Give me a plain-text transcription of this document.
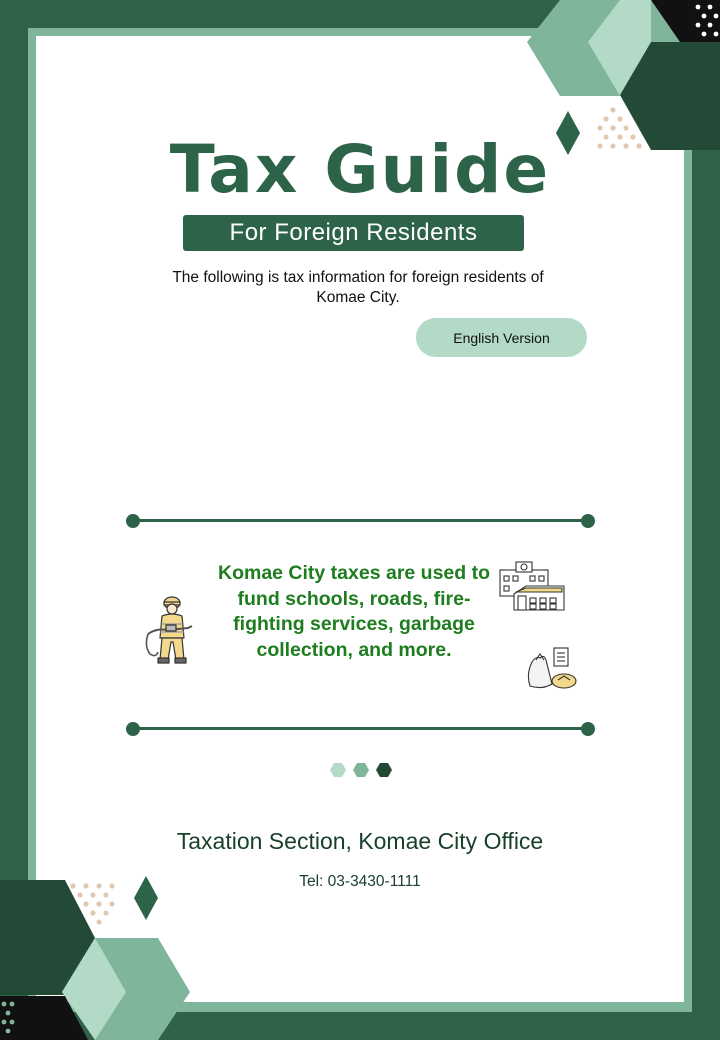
Tax Guide
For Foreign Residents
The following is tax information for foreign residents of Komae City.
English Version
Komae City taxes are used to fund schools, roads, fire-fighting services, garbage collection, and more.
Taxation Section, Komae City Office
Tel: 03-3430-1111
